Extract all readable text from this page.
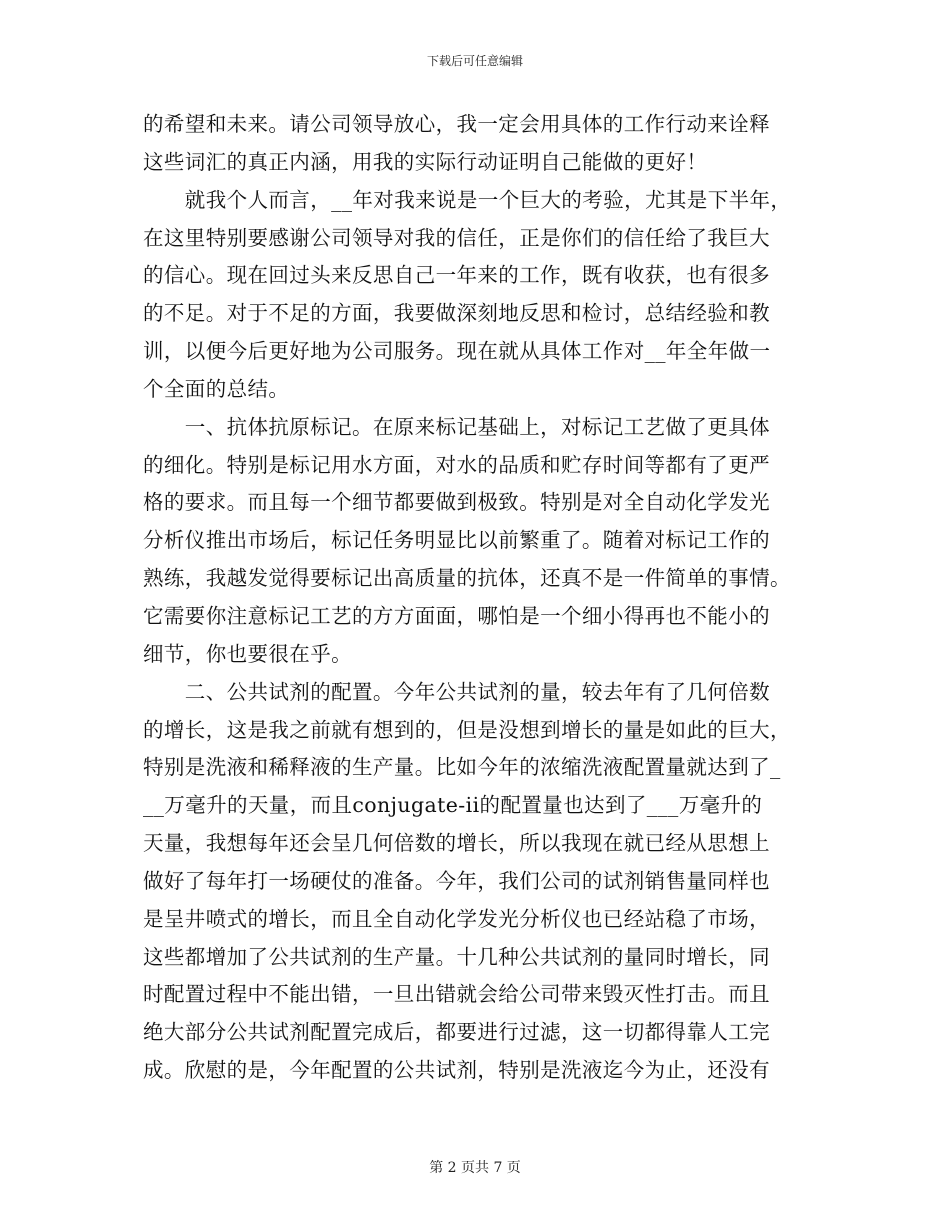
下载后可任意编辑
的希望和未来。请公司领导放心，我一定会用具体的工作行动来诠释
这些词汇的真正内涵，用我的实际行动证明自己能做的更好！
　　就我个人而言，__年对我来说是一个巨大的考验，尤其是下半年，
在这里特别要感谢公司领导对我的信任，正是你们的信任给了我巨大
的信心。现在回过头来反思自己一年来的工作，既有收获，也有很多
的不足。对于不足的方面，我要做深刻地反思和检讨，总结经验和教
训，以便今后更好地为公司服务。现在就从具体工作对__年全年做一
个全面的总结。
　　一、抗体抗原标记。在原来标记基础上，对标记工艺做了更具体
的细化。特别是标记用水方面，对水的品质和贮存时间等都有了更严
格的要求。而且每一个细节都要做到极致。特别是对全自动化学发光
分析仪推出市场后，标记任务明显比以前繁重了。随着对标记工作的
熟练，我越发觉得要标记出高质量的抗体，还真不是一件简单的事情。
它需要你注意标记工艺的方方面面，哪怕是一个细小得再也不能小的
细节，你也要很在乎。
　　二、公共试剂的配置。今年公共试剂的量，较去年有了几何倍数
的增长，这是我之前就有想到的，但是没想到增长的量是如此的巨大，
特别是洗液和稀释液的生产量。比如今年的浓缩洗液配置量就达到了_
__万毫升的天量，而且conjugate-ii的配置量也达到了___万毫升的
天量，我想每年还会呈几何倍数的增长，所以我现在就已经从思想上
做好了每年打一场硬仗的准备。今年，我们公司的试剂销售量同样也
是呈井喷式的增长，而且全自动化学发光分析仪也已经站稳了市场，
这些都增加了公共试剂的生产量。十几种公共试剂的量同时增长，同
时配置过程中不能出错，一旦出错就会给公司带来毁灭性打击。而且
绝大部分公共试剂配置完成后，都要进行过滤，这一切都得靠人工完
成。欣慰的是，今年配置的公共试剂，特别是洗液迄今为止，还没有
第 2 页共 7 页
